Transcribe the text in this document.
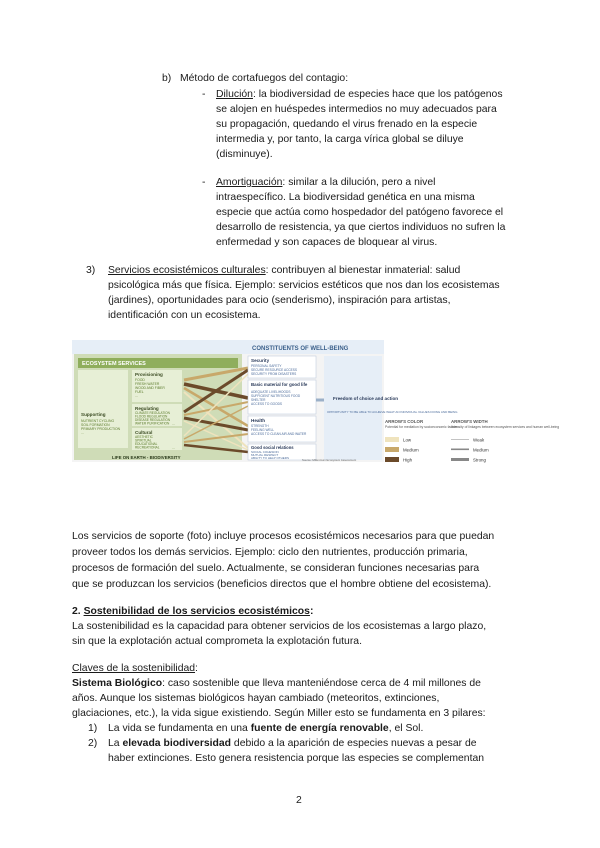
b) Método de cortafuegos del contagio:
- Dilución: la biodiversidad de especies hace que los patógenos
se alojen en huéspedes intermedios no muy adecuados para
su propagación, quedando el virus frenado en la especie
intermedia y, por tanto, la carga vírica global se diluye
(disminuye).
- Amortiguación: similar a la dilución, pero a nivel
intraespecífico. La biodiversidad genética en una misma
especie que actúa como hospedador del patógeno favorece el
desarrollo de resistencia, ya que ciertos individuos no sufren la
enfermedad y son capaces de bloquear al virus.
3) Servicios ecosistémicos culturales: contribuyen al bienestar inmaterial: salud
psicológica más que física. Ejemplo: servicios estéticos que nos dan los ecosistemas
(jardines), oportunidades para ocio (senderismo), inspiración para artistas,
identificación con un ecosistema.
CONSTITUENTS OF WELL-BEING
ECOSYSTEM SERVICES
Supporting
NUTRIENT CYCLING
SOIL FORMATION
PRIMARY PRODUCTION
...
Provisioning
FOOD
FRESH WATER
WOOD AND FIBER
FUEL
...
Regulating
CLIMATE REGULATION
FLOOD REGULATION
DISEASE REGULATION
WATER PURIFICATION ...
Cultural
AESTHETIC
SPIRITUAL
EDUCATIONAL
RECREATIONAL	...
LIFE ON EARTH - BIODIVERSITY
Security
PERSONAL SAFETY
SECURE RESOURCE ACCESS
SECURITY FROM DISASTERS
Basic material for good life
ADEQUATE LIVELIHOODS
SUFFICIENT NUTRITIOUS FOOD
SHELTER
ACCESS TO GOODS
Health
STRENGTH
FEELING WELL
ACCESS TO CLEAN AIR AND WATER
Good social relations
SOCIAL COHESION
MUTUAL RESPECT
ABILITY TO HELP OTHERS
Freedom of choice and action
OPPORTUNITY TO BE ABLE TO ACHIEVE WHAT AN INDIVIDUAL VALUES DOING AND BEING
Source: Millennium Ecosystem Assessment
ARROW'S COLOR
Potential for mediation by socioeconomic factors
ARROW'S WIDTH
Intensity of linkages between ecosystem services and human well-being
Low
Medium
High
Weak
Medium
Strong
Los servicios de soporte (foto) incluye procesos ecosistémicos necesarios para que puedan
proveer todos los demás servicios. Ejemplo: ciclo den nutrientes, producción primaria,
procesos de formación del suelo. Actualmente, se consideran funciones necesarias para
que se produzcan los servicios (beneficios directos que el hombre obtiene del ecosistema).
2. Sostenibilidad de los servicios ecosistémicos:
La sostenibilidad es la capacidad para obtener servicios de los ecosistemas a largo plazo,
sin que la explotación actual comprometa la explotación futura.
Claves de la sostenibilidad:
Sistema Biológico: caso sostenible que lleva manteniéndose cerca de 4 mil millones de
años. Aunque los sistemas biológicos hayan cambiado (meteoritos, extinciones,
glaciaciones, etc.), la vida sigue existiendo. Según Miller esto se fundamenta en 3 pilares:
1) La vida se fundamenta en una fuente de energía renovable, el Sol.
2) La elevada biodiversidad debido a la aparición de especies nuevas a pesar de
haber extinciones. Esto genera resistencia porque las especies se complementan
2
